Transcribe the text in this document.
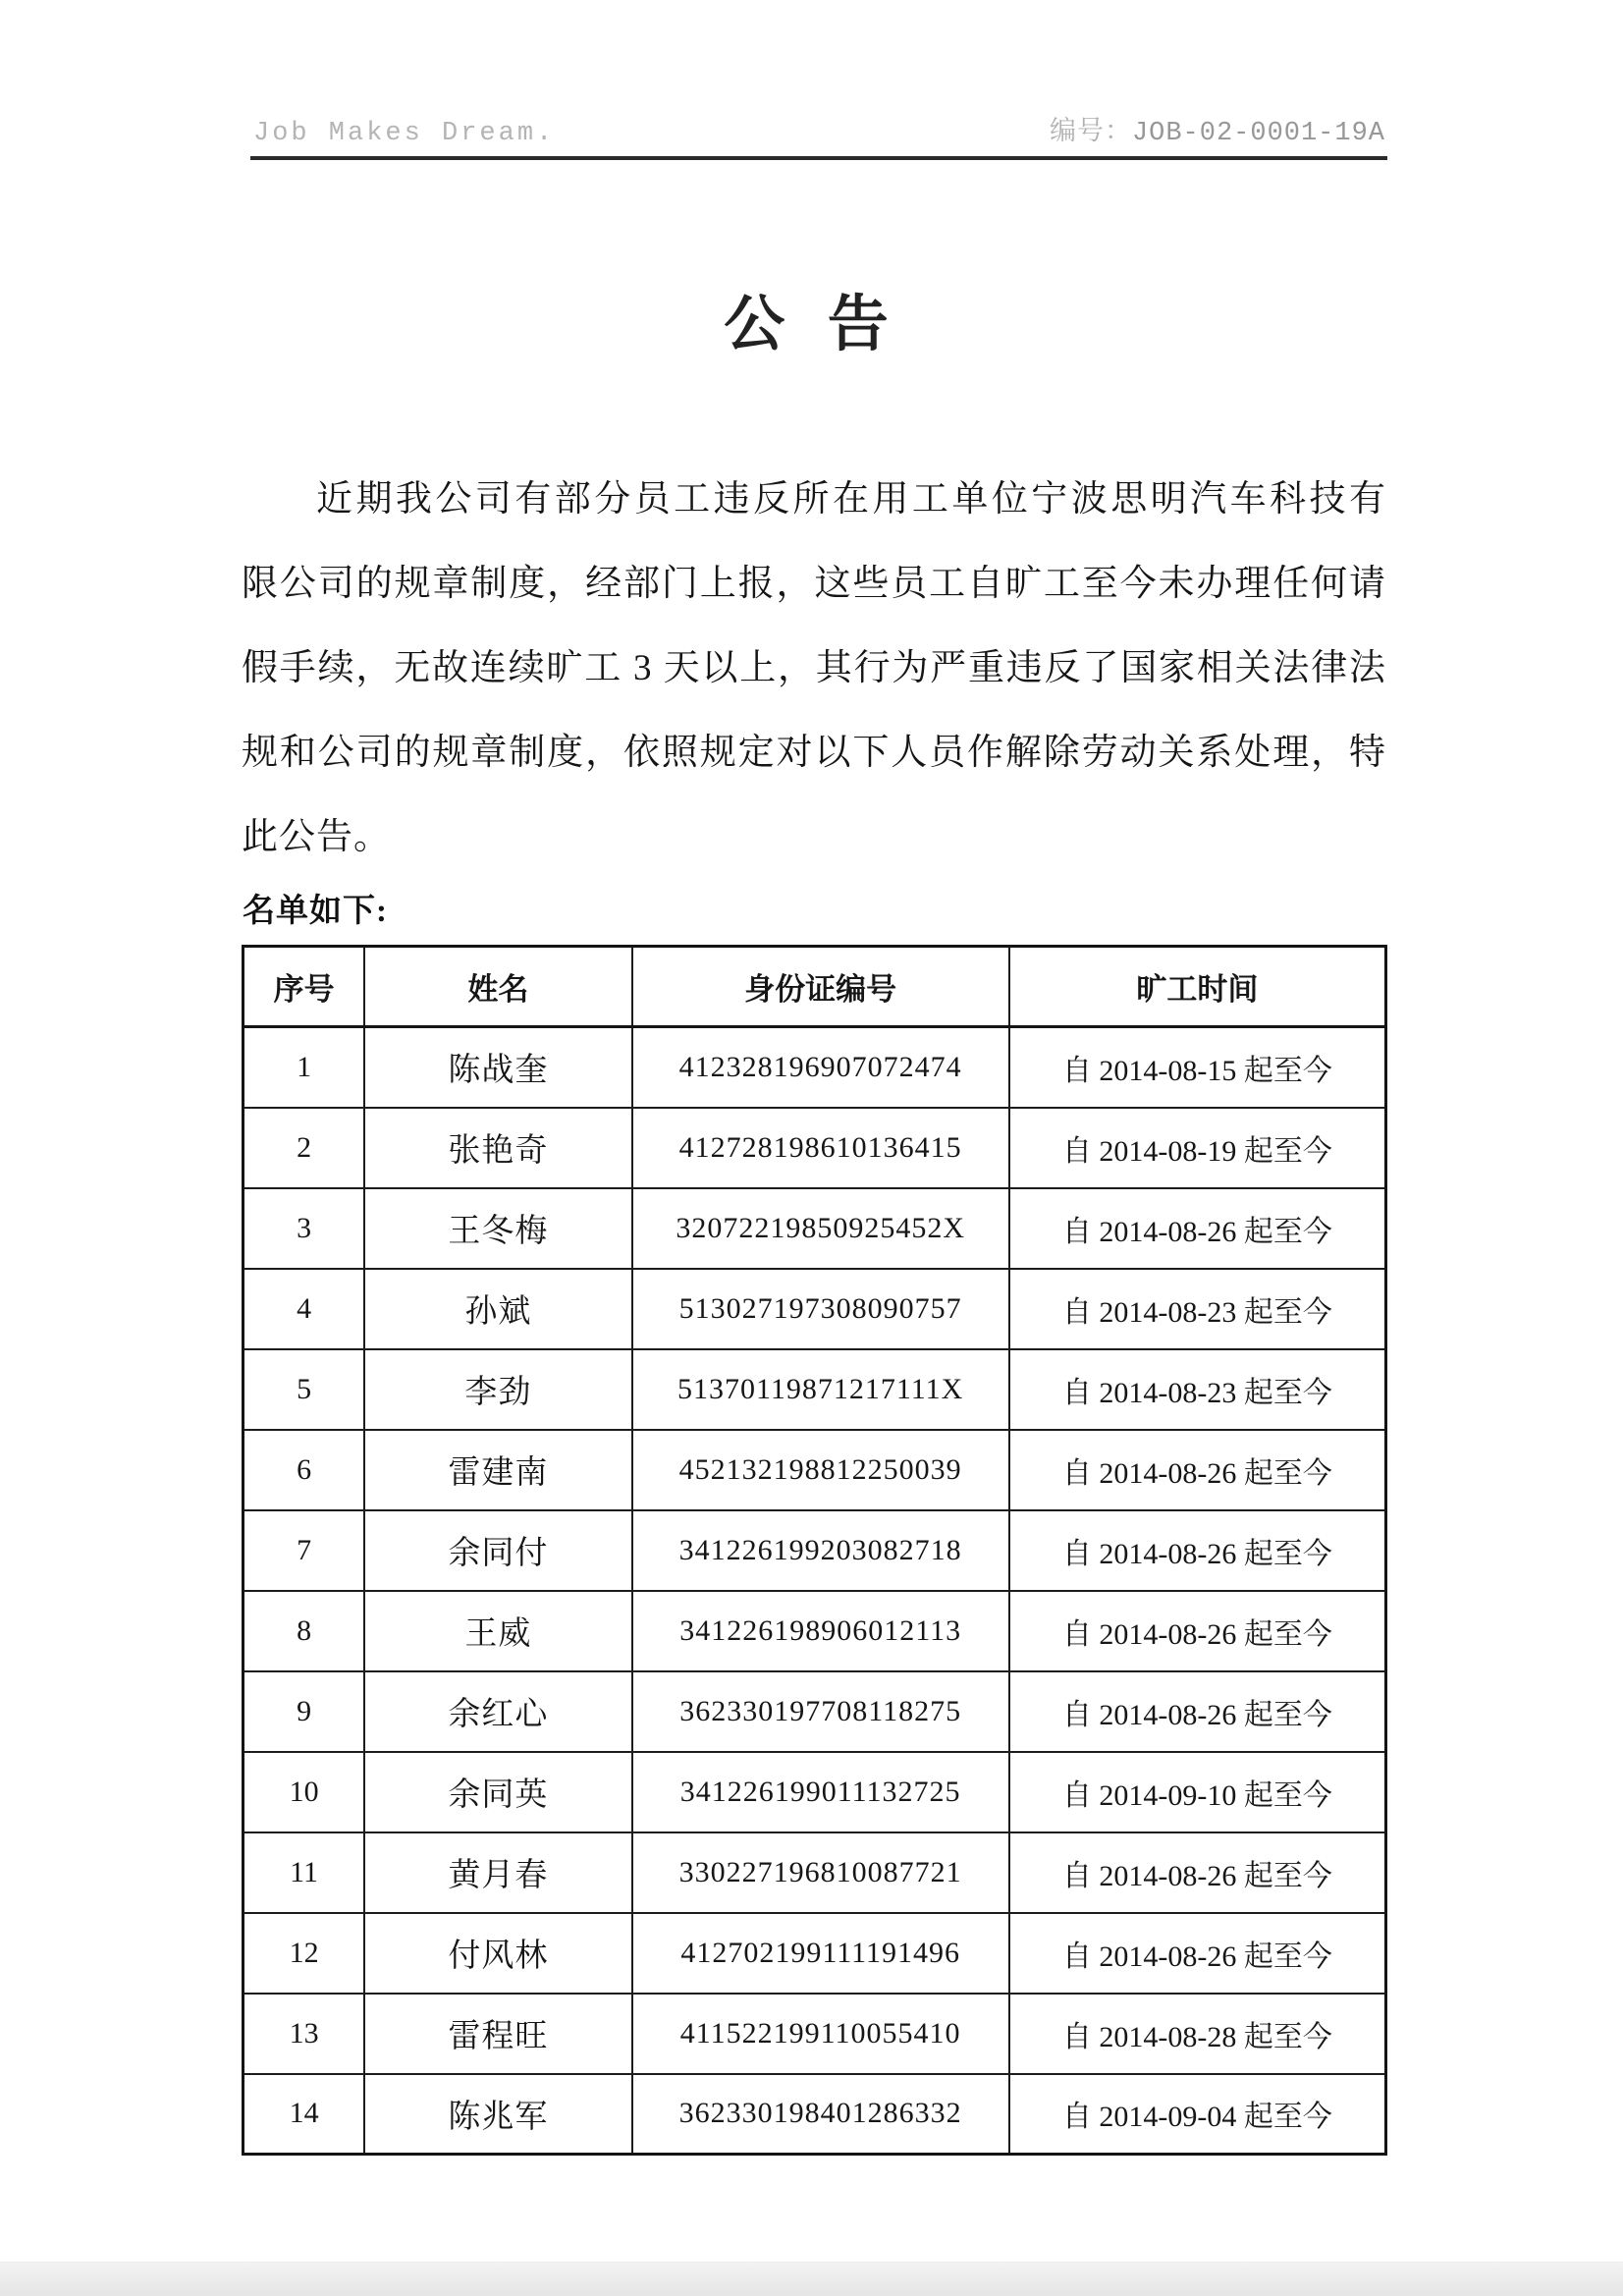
Job Makes Dream.	编号：JOB-02-0001-19A
公 告
近期我公司有部分员工违反所在用工单位宁波思明汽车科技有
限公司的规章制度，经部门上报，这些员工自旷工至今未办理任何请
假手续，无故连续旷工 3 天以上，其行为严重违反了国家相关法律法
规和公司的规章制度，依照规定对以下人员作解除劳动关系处理，特
此公告。
名单如下:
序号	姓名	身份证编号	旷工时间
1	陈战奎	412328196907072474	自 2014-08-15 起至今
2	张艳奇	412728198610136415	自 2014-08-19 起至今
3	王冬梅	32072219850925452X	自 2014-08-26 起至今
4	孙斌	513027197308090757	自 2014-08-23 起至今
5	李劲	51370119871217111X	自 2014-08-23 起至今
6	雷建南	452132198812250039	自 2014-08-26 起至今
7	余同付	341226199203082718	自 2014-08-26 起至今
8	王威	341226198906012113	自 2014-08-26 起至今
9	余红心	362330197708118275	自 2014-08-26 起至今
10	余同英	341226199011132725	自 2014-09-10 起至今
11	黄月春	330227196810087721	自 2014-08-26 起至今
12	付风林	412702199111191496	自 2014-08-26 起至今
13	雷程旺	411522199110055410	自 2014-08-28 起至今
14	陈兆军	362330198401286332	自 2014-09-04 起至今
